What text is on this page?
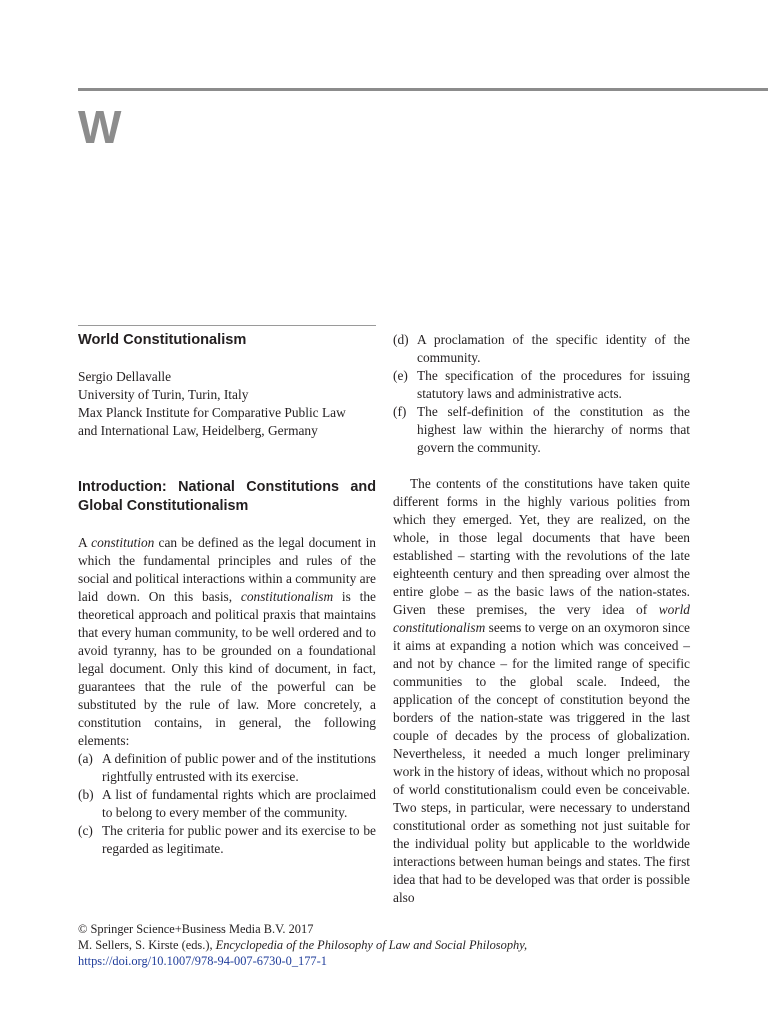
W
World Constitutionalism
Sergio Dellavalle
University of Turin, Turin, Italy
Max Planck Institute for Comparative Public Law
and International Law, Heidelberg, Germany
Introduction: National Constitutions and Global Constitutionalism

A constitution can be defined as the legal document in which the fundamental principles and rules of the social and political interactions within a community are laid down. On this basis, constitutionalism is the theoretical approach and political praxis that maintains that every human community, to be well ordered and to avoid tyranny, has to be grounded on a foundational legal document. Only this kind of document, in fact, guarantees that the rule of the powerful can be substituted by the rule of law. More concretely, a constitution contains, in general, the following elements:

(a) A definition of public power and of the institutions rightfully entrusted with its exercise.
(b) A list of fundamental rights which are proclaimed to belong to every member of the community.
(c) The criteria for public power and its exercise to be regarded as legitimate.
(d) A proclamation of the specific identity of the community.
(e) The specification of the procedures for issuing statutory laws and administrative acts.
(f) The self-definition of the constitution as the highest law within the hierarchy of norms that govern the community.

The contents of the constitutions have taken quite different forms in the highly various polities from which they emerged. Yet, they are realized, on the whole, in those legal documents that have been established – starting with the revolutions of the late eighteenth century and then spreading over almost the entire globe – as the basic laws of the nation-states. Given these premises, the very idea of world constitutionalism seems to verge on an oxymoron since it aims at expanding a notion which was conceived – and not by chance – for the limited range of specific communities to the global scale. Indeed, the application of the concept of constitution beyond the borders of the nation-state was triggered in the last couple of decades by the process of globalization. Nevertheless, it needed a much longer preliminary work in the history of ideas, without which no proposal of world constitutionalism could even be conceivable. Two steps, in particular, were necessary to understand constitutional order as something not just suitable for the individual polity but applicable to the worldwide interactions between human beings and states. The first idea that had to be developed was that order is possible also

© Springer Science+Business Media B.V. 2017
M. Sellers, S. Kirste (eds.), Encyclopedia of the Philosophy of Law and Social Philosophy,
https://doi.org/10.1007/978-94-007-6730-0_177-1
